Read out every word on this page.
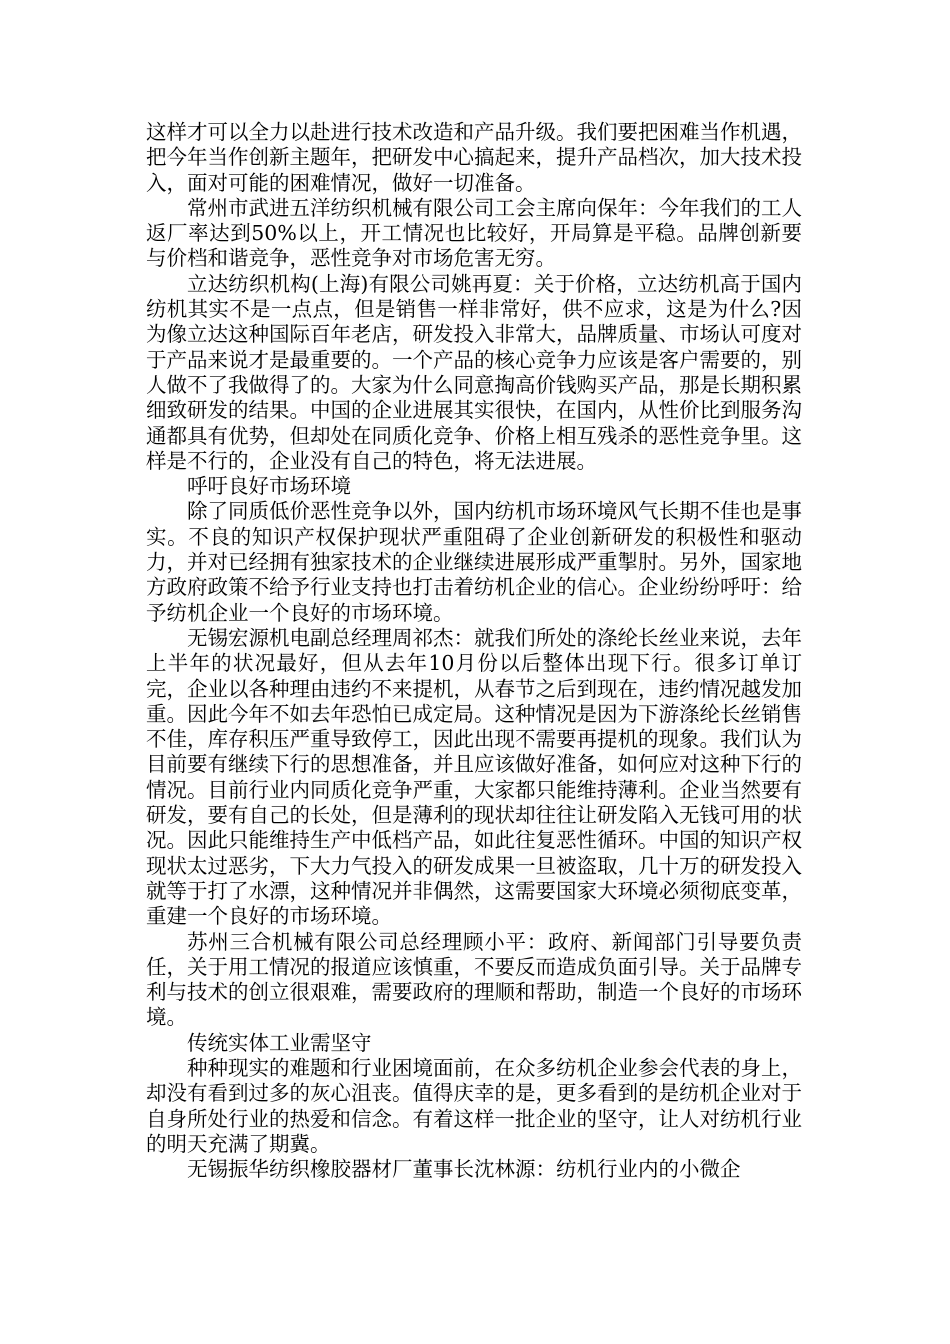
这样才可以全力以赴进行技术改造和产品升级。我们要把困难当作机遇，把今年当作创新主题年，把研发中心搞起来，提升产品档次，加大技术投入，面对可能的困难情况，做好一切准备。

常州市武进五洋纺织机械有限公司工会主席向保年：今年我们的工人返厂率达到50%以上，开工情况也比较好，开局算是平稳。品牌创新要与价档和谐竞争，恶性竞争对市场危害无穷。

立达纺织机构(上海)有限公司姚再夏：关于价格，立达纺机高于国内纺机其实不是一点点，但是销售一样非常好，供不应求，这是为什么?因为像立达这种国际百年老店，研发投入非常大，品牌质量、市场认可度对于产品来说才是最重要的。一个产品的核心竞争力应该是客户需要的，别人做不了我做得了的。大家为什么同意掏高价钱购买产品，那是长期积累细致研发的结果。中国的企业进展其实很快，在国内，从性价比到服务沟通都具有优势，但却处在同质化竞争、价格上相互残杀的恶性竞争里。这样是不行的，企业没有自己的特色，将无法进展。

呼吁良好市场环境

除了同质低价恶性竞争以外，国内纺机市场环境风气长期不佳也是事实。不良的知识产权保护现状严重阻碍了企业创新研发的积极性和驱动力，并对已经拥有独家技术的企业继续进展形成严重掣肘。另外，国家地方政府政策不给予行业支持也打击着纺机企业的信心。企业纷纷呼吁：给予纺机企业一个良好的市场环境。

无锡宏源机电副总经理周祁杰：就我们所处的涤纶长丝业来说，去年上半年的状况最好，但从去年10月份以后整体出现下行。很多订单订完，企业以各种理由违约不来提机，从春节之后到现在，违约情况越发加重。因此今年不如去年恐怕已成定局。这种情况是因为下游涤纶长丝销售不佳，库存积压严重导致停工，因此出现不需要再提机的现象。我们认为目前要有继续下行的思想准备，并且应该做好准备，如何应对这种下行的情况。目前行业内同质化竞争严重，大家都只能维持薄利。企业当然要有研发，要有自己的长处，但是薄利的现状却往往让研发陷入无钱可用的状况。因此只能维持生产中低档产品，如此往复恶性循环。中国的知识产权现状太过恶劣，下大力气投入的研发成果一旦被盗取，几十万的研发投入就等于打了水漂，这种情况并非偶然，这需要国家大环境必须彻底变革，重建一个良好的市场环境。

苏州三合机械有限公司总经理顾小平：政府、新闻部门引导要负责任，关于用工情况的报道应该慎重，不要反而造成负面引导。关于品牌专利与技术的创立很艰难，需要政府的理顺和帮助，制造一个良好的市场环境。

传统实体工业需坚守

种种现实的难题和行业困境面前，在众多纺机企业参会代表的身上，却没有看到过多的灰心沮丧。值得庆幸的是，更多看到的是纺机企业对于自身所处行业的热爱和信念。有着这样一批企业的坚守，让人对纺机行业的明天充满了期冀。

无锡振华纺织橡胶器材厂董事长沈林源：纺机行业内的小微企
